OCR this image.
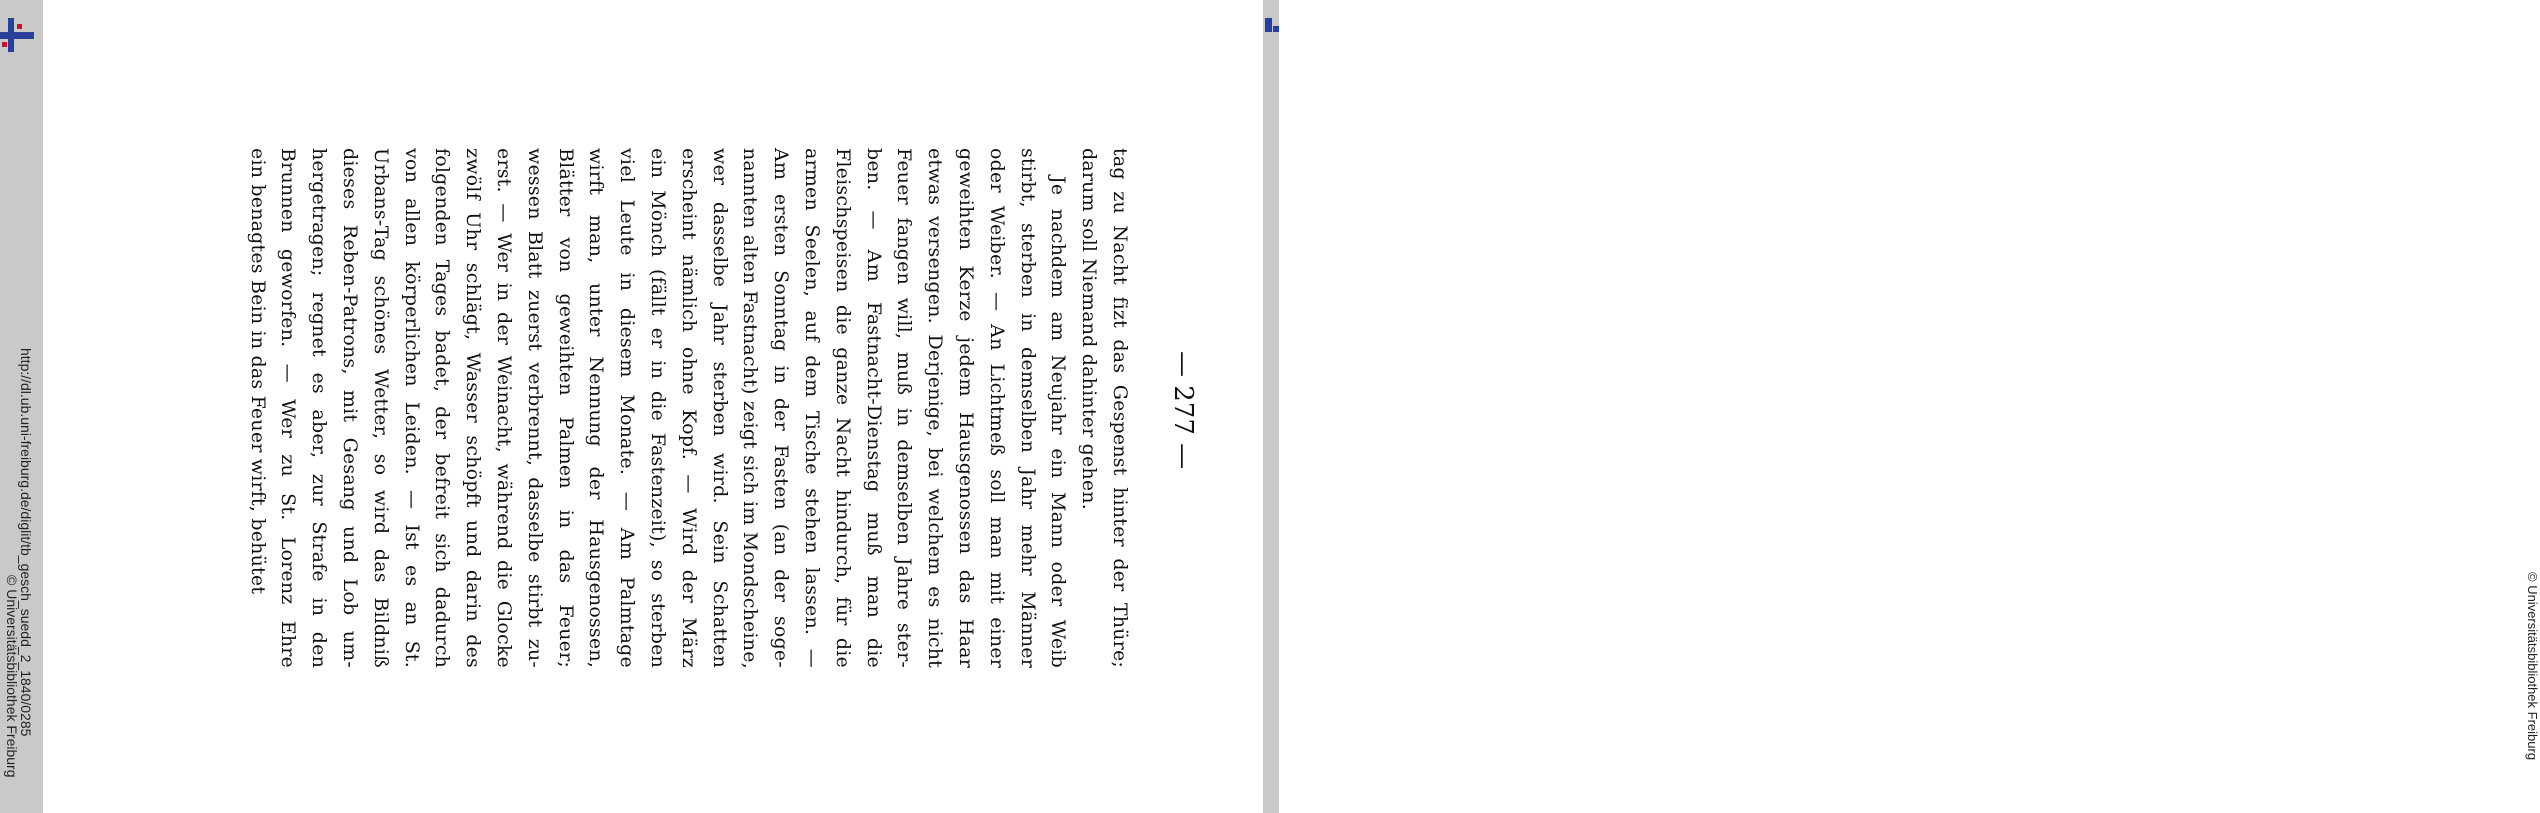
http://dl.ub.uni-freiburg.de/diglit/tb_gesch_suedd_2_1840/0285
© Universitätsbibliothek Freiburg
— 277 —
tag zu Nacht fizt das Gespenst hinter der Thüre;
darum soll Niemand dahinter gehen.
Je nachdem am Neujahr ein Mann oder Weib
stirbt, sterben in demselben Jahr mehr Männer
oder Weiber. — An Lichtmeß soll man mit einer
geweihten Kerze jedem Hausgenossen das Haar
etwas versengen. Derjenige, bei welchem es nicht
Feuer fangen will, muß in demselben Jahre ster-
ben. — Am Fastnacht-Dienstag muß man die
Fleischspeisen die ganze Nacht hindurch, für die
armen Seelen, auf dem Tische stehen lassen. —
Am ersten Sonntag in der Fasten (an der soge-
nannten alten Fastnacht) zeigt sich im Mondscheine,
wer dasselbe Jahr sterben wird. Sein Schatten
erscheint nämlich ohne Kopf. — Wird der März
ein Mönch (fällt er in die Fastenzeit), so sterben
viel Leute in diesem Monate. — Am Palmtage
wirft man, unter Nennung der Hausgenossen,
Blätter von geweihten Palmen in das Feuer;
wessen Blatt zuerst verbrennt, dasselbe stirbt zu-
erst. — Wer in der Weinacht, während die Glocke
zwölf Uhr schlägt, Wasser schöpft und darin des
folgenden Tages badet, der befreit sich dadurch
von allen körperlichen Leiden. — Ist es an St.
Urbans-Tag schönes Wetter, so wird das Bildniß
dieses Reben-Patrons, mit Gesang und Lob um-
hergetragen; regnet es aber, zur Strafe in den
Brunnen geworfen. — Wer zu St. Lorenz Ehre
ein benagtes Bein in das Feuer wirft, behütet
© Universitätsbibliothek Freiburg
